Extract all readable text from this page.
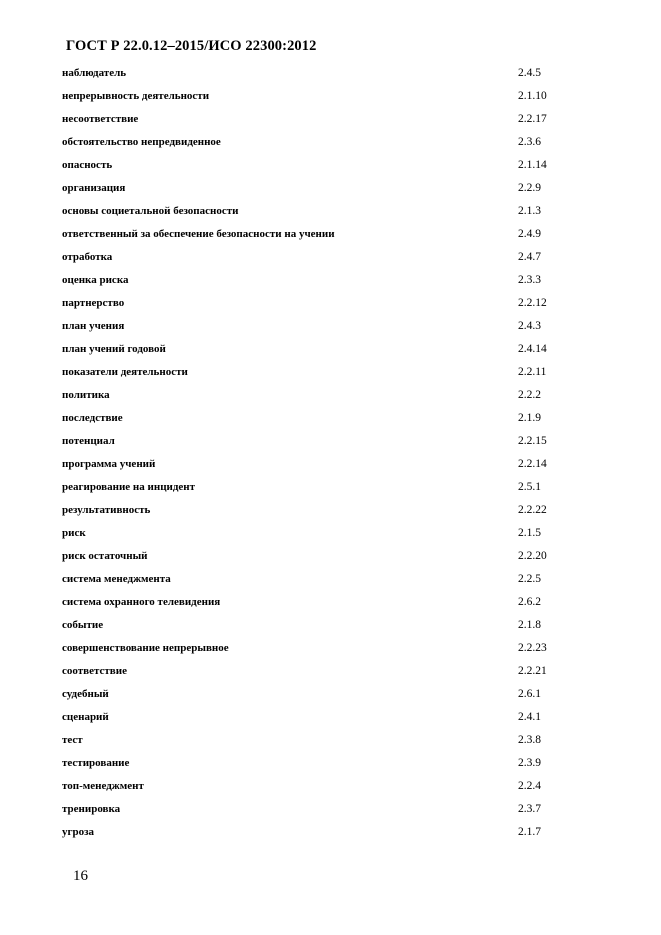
ГОСТ Р 22.0.12–2015/ИСО 22300:2012
наблюдатель	2.4.5
непрерывность деятельности	2.1.10
несоответствие	2.2.17
обстоятельство непредвиденное	2.3.6
опасность	2.1.14
организация	2.2.9
основы социетальной безопасности	2.1.3
ответственный за обеспечение безопасности на учении	2.4.9
отработка	2.4.7
оценка риска	2.3.3
партнерство	2.2.12
план учения	2.4.3
план учений годовой	2.4.14
показатели деятельности	2.2.11
политика	2.2.2
последствие	2.1.9
потенциал	2.2.15
программа учений	2.2.14
реагирование на инцидент	2.5.1
результативность	2.2.22
риск	2.1.5
риск остаточный	2.2.20
система менеджмента	2.2.5
система охранного телевидения	2.6.2
событие	2.1.8
совершенствование непрерывное	2.2.23
соответствие	2.2.21
судебный	2.6.1
сценарий	2.4.1
тест	2.3.8
тестирование	2.3.9
топ-менеджмент	2.2.4
тренировка	2.3.7
угроза	2.1.7
16
